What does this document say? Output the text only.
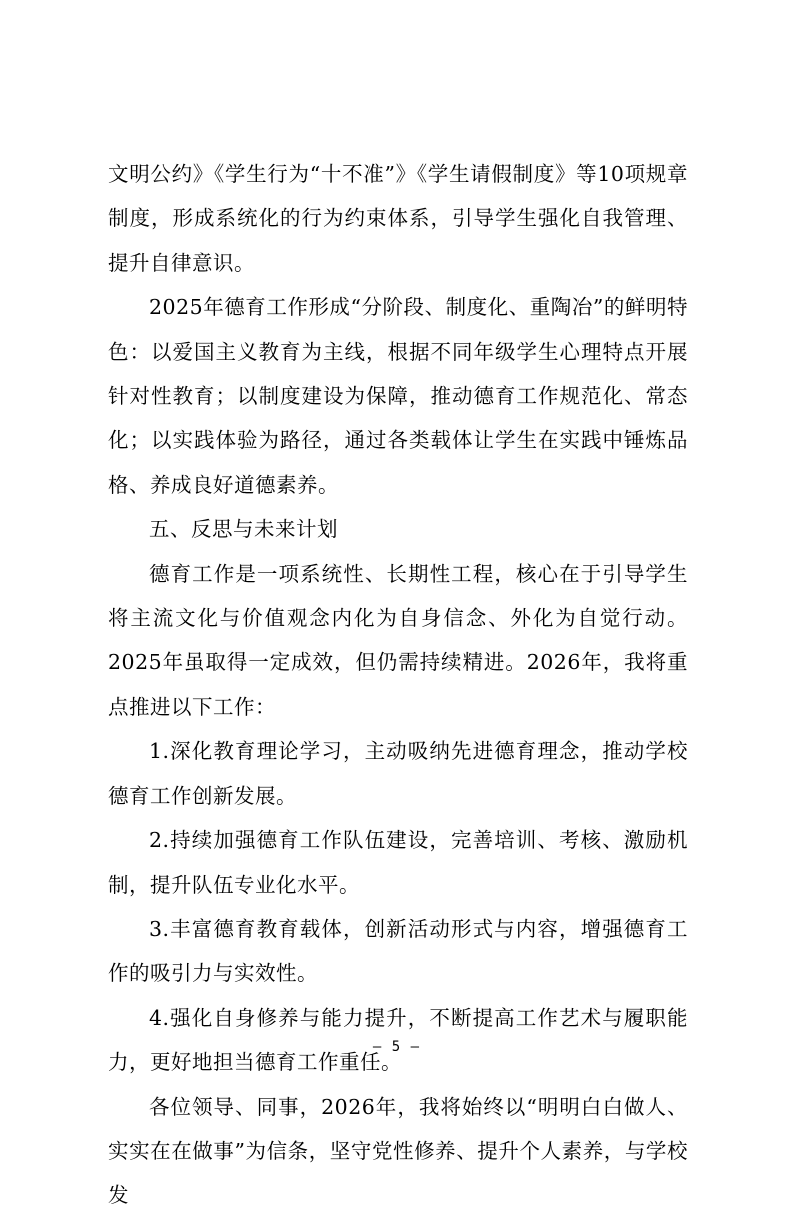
文明公约》《学生行为“十不准”》《学生请假制度》等10项规章制度，形成系统化的行为约束体系，引导学生强化自我管理、提升自律意识。

2025年德育工作形成“分阶段、制度化、重陶冶”的鲜明特色：以爱国主义教育为主线，根据不同年级学生心理特点开展针对性教育；以制度建设为保障，推动德育工作规范化、常态化；以实践体验为路径，通过各类载体让学生在实践中锤炼品格、养成良好道德素养。

五、反思与未来计划

德育工作是一项系统性、长期性工程，核心在于引导学生将主流文化与价值观念内化为自身信念、外化为自觉行动。2025年虽取得一定成效，但仍需持续精进。2026年，我将重点推进以下工作：

1.深化教育理论学习，主动吸纳先进德育理念，推动学校德育工作创新发展。

2.持续加强德育工作队伍建设，完善培训、考核、激励机制，提升队伍专业化水平。

3.丰富德育教育载体，创新活动形式与内容，增强德育工作的吸引力与实效性。

4.强化自身修养与能力提升，不断提高工作艺术与履职能力，更好地担当德育工作重任。

各位领导、同事，2026年，我将始终以“明明白白做人、实实在在做事”为信条，坚守党性修养、提升个人素养，与学校发

— 5 —
